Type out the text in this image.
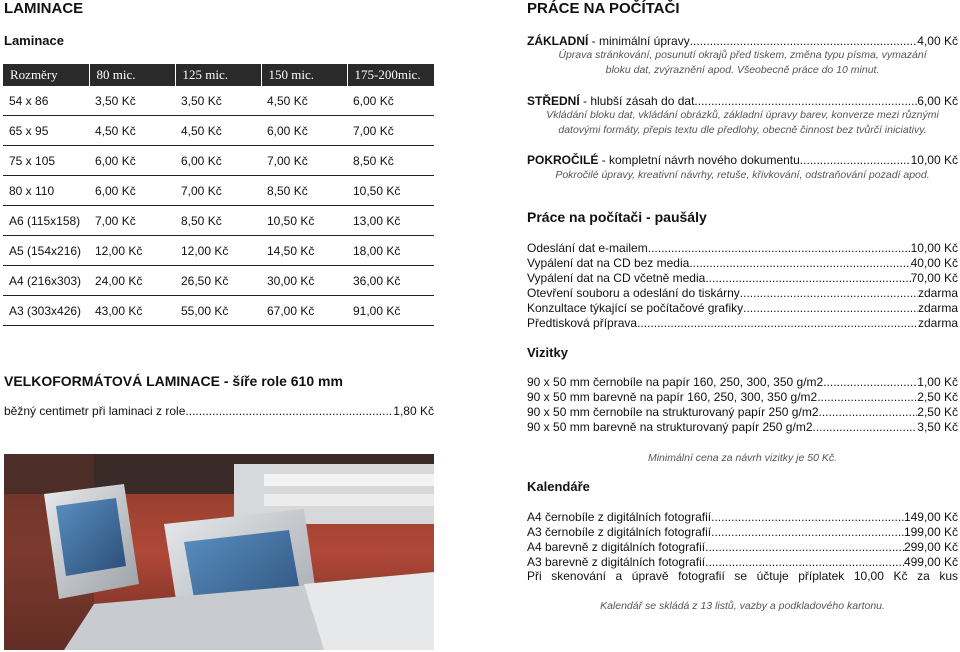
LAMINACE
Laminace
Rozměry	80 mic.	125 mic.	150 mic.	175-200mic.
54 x 86	3,50 Kč	3,50 Kč	4,50 Kč	6,00 Kč
65 x 95	4,50 Kč	4,50 Kč	6,00 Kč	7,00 Kč
75 x 105	6,00 Kč	6,00 Kč	7,00 Kč	8,50 Kč
80 x 110	6,00 Kč	7,00 Kč	8,50 Kč	10,50 Kč
A6 (115x158)	7,00 Kč	8,50 Kč	10,50 Kč	13,00 Kč
A5 (154x216)	12,00 Kč	12,00 Kč	14,50 Kč	18,00 Kč
A4 (216x303)	24,00 Kč	26,50 Kč	30,00 Kč	36,00 Kč
A3 (303x426)	43,00 Kč	55,00 Kč	67,00 Kč	91,00 Kč
VELKOFORMÁTOVÁ LAMINACE - šíře role 610 mm
běžný centimetr při laminaci z role .....	1,80 Kč
PRÁCE NA POČÍTAČI
ZÁKLADNÍ - minimální úpravy .....	4,00 Kč
Úprava stránkování, posunutí okrajů před tiskem, změna typu písma, vymazání bloku dat, zvýraznění apod. Všeobecně práce do 10 minut.
STŘEDNÍ - hlubší zásah do dat .....	6,00 Kč
Vkládání bloku dat, vkládání obrázků, základní úpravy barev, konverze mezi různými datovými formáty, přepis textu dle předlohy, obecně činnost bez tvůrčí iniciativy.
POKROČILÉ - kompletní návrh nového dokumentu .....	10,00 Kč
Pokročilé úpravy, kreativní návrhy, retuše, křivkování, odstraňování pozadí apod.
Práce na počítači - paušály
Odeslání dat e-mailem .....	10,00 Kč
Vypálení dat na CD bez media .....	40,00 Kč
Vypálení dat na CD včetně media .....	70,00 Kč
Otevření souboru a odeslání do tiskárny .....	zdarma
Konzultace týkající se počítačové grafiky .....	zdarma
Předtisková příprava .....	zdarma
Vizitky
90 x 50 mm černobíle na papír 160, 250, 300, 350 g/m2 .....	1,00 Kč
90 x 50 mm barevně na papír 160, 250, 300, 350 g/m2 .....	2,50 Kč
90 x 50 mm černobíle na strukturovaný papír 250 g/m2 .....	2,50 Kč
90 x 50 mm barevně na strukturovaný papír 250 g/m2 .....	3,50 Kč
Minimální cena za návrh vizitky je 50 Kč.
Kalendáře
A4 černobíle z digitálních fotografií .....	149,00 Kč
A3 černobíle z digitálních fotografií .....	199,00 Kč
A4 barevně z digitálních fotografií .....	299,00 Kč
A3 barevně z digitálních fotografií .....	499,00 Kč
Při skenování a úpravě fotografií se účtuje příplatek 10,00 Kč za kus
Kalendář se skládá z 13 listů, vazby a podkladového kartonu.
